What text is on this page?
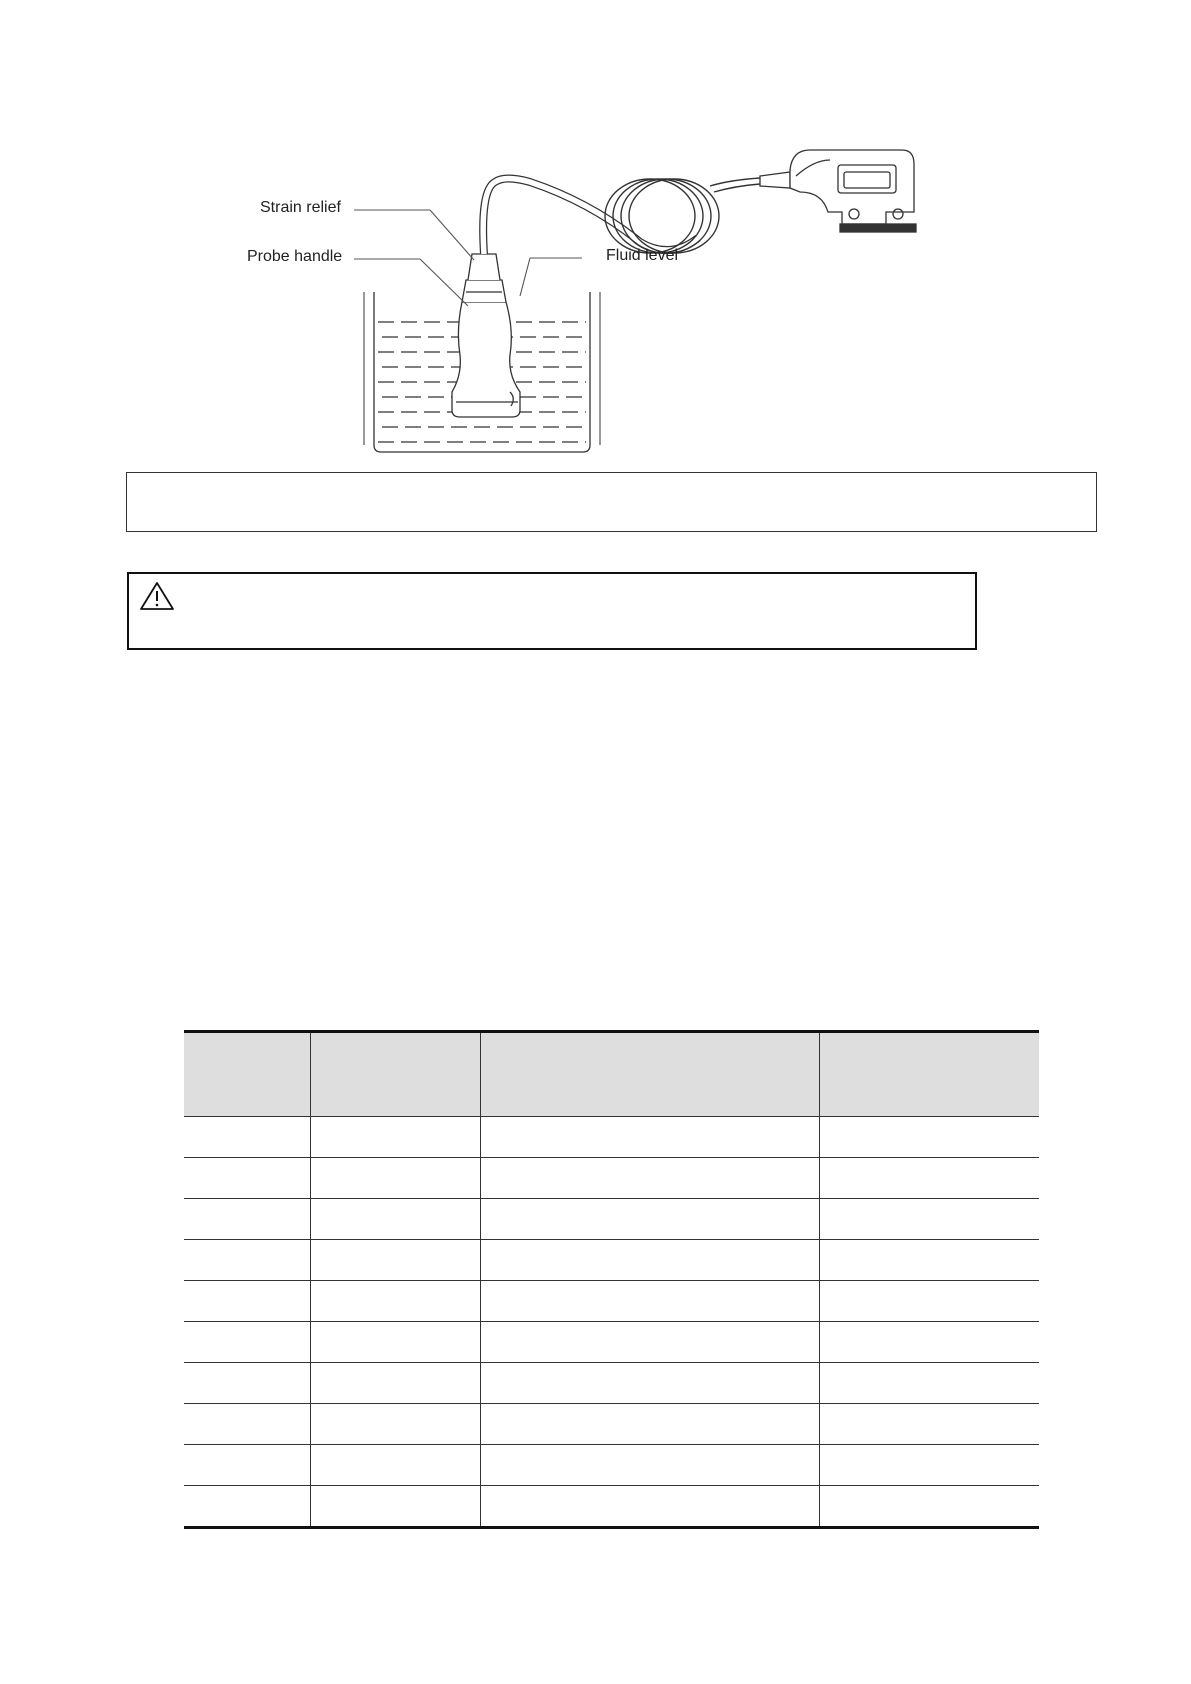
Strain relief
Probe handle	Fluid level
